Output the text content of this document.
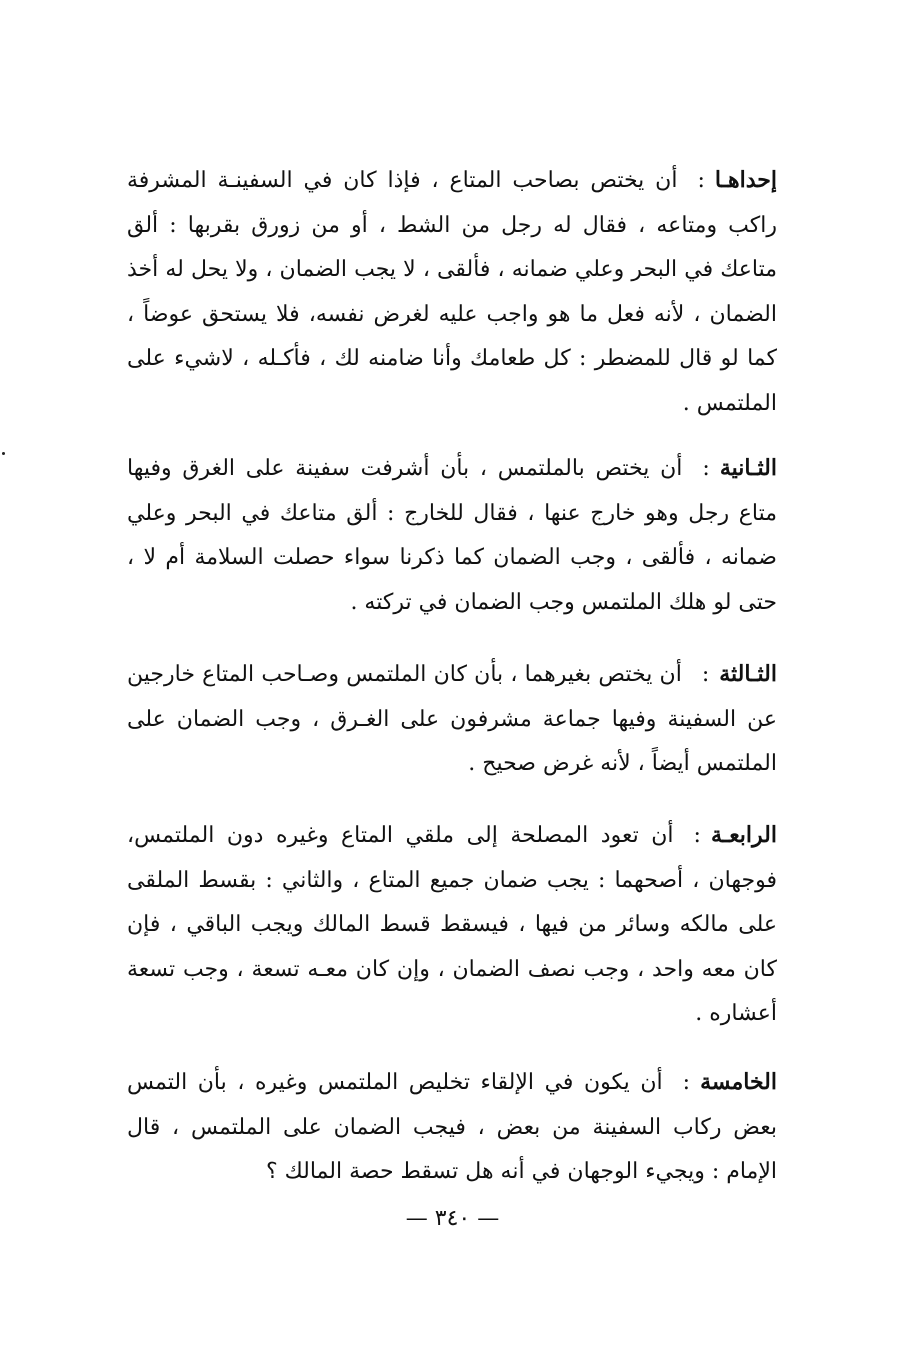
إحداهـا:أن يختص بصاحب المتاع ، فإذا كان في السفينـة المشرفة راكب ومتاعه ، فقال له رجل من الشط ، أو من زورق بقربها : ألق متاعك في البحر وعلي ضمانه ، فألقى ، لا يجب الضمان ، ولا يحل له أخذ الضمان ، لأنه فعل ما هو واجب عليه لغرض نفسه، فلا يستحق عوضاً ، كما لو قال للمضطر : كل طعامك وأنا ضامنه لك ، فأكـله ، لاشيء على الملتمس .

الثـانية:أن يختص بالملتمس ، بأن أشرفت سفينة على الغرق وفيها متاع رجل وهو خارج عنها ، فقال للخارج : ألق متاعك في البحر وعلي ضمانه ، فألقى ، وجب الضمان كما ذكرنا سواء حصلت السلامة أم لا ، حتى لو هلك الملتمس وجب الضمان في تركته .

الثـالثة:أن يختص بغيرهما ، بأن كان الملتمس وصـاحب المتاع خارجين عن السفينة وفيها جماعة مشرفون على الغـرق ، وجب الضمان على الملتمس أيضاً ، لأنه غرض صحيح .

الرابعـة:أن تعود المصلحة إلى ملقي المتاع وغيره دون الملتمس، فوجهان ، أصحهما : يجب ضمان جميع المتاع ، والثاني : بقسط الملقى على مالكه وسائر من فيها ، فيسقط قسط المالك ويجب الباقي ، فإن كان معه واحد ، وجب نصف الضمان ، وإن كان معـه تسعة ، وجب تسعة أعشاره .

الخامسة:أن يكون في الإلقاء تخليص الملتمس وغيره ، بأن التمس بعض ركاب السفينة من بعض ، فيجب الضمان على الملتمس ، قال الإمام : ويجيء الوجهان في أنه هل تسقط حصة المالك ؟

— ٣٤٠ —
